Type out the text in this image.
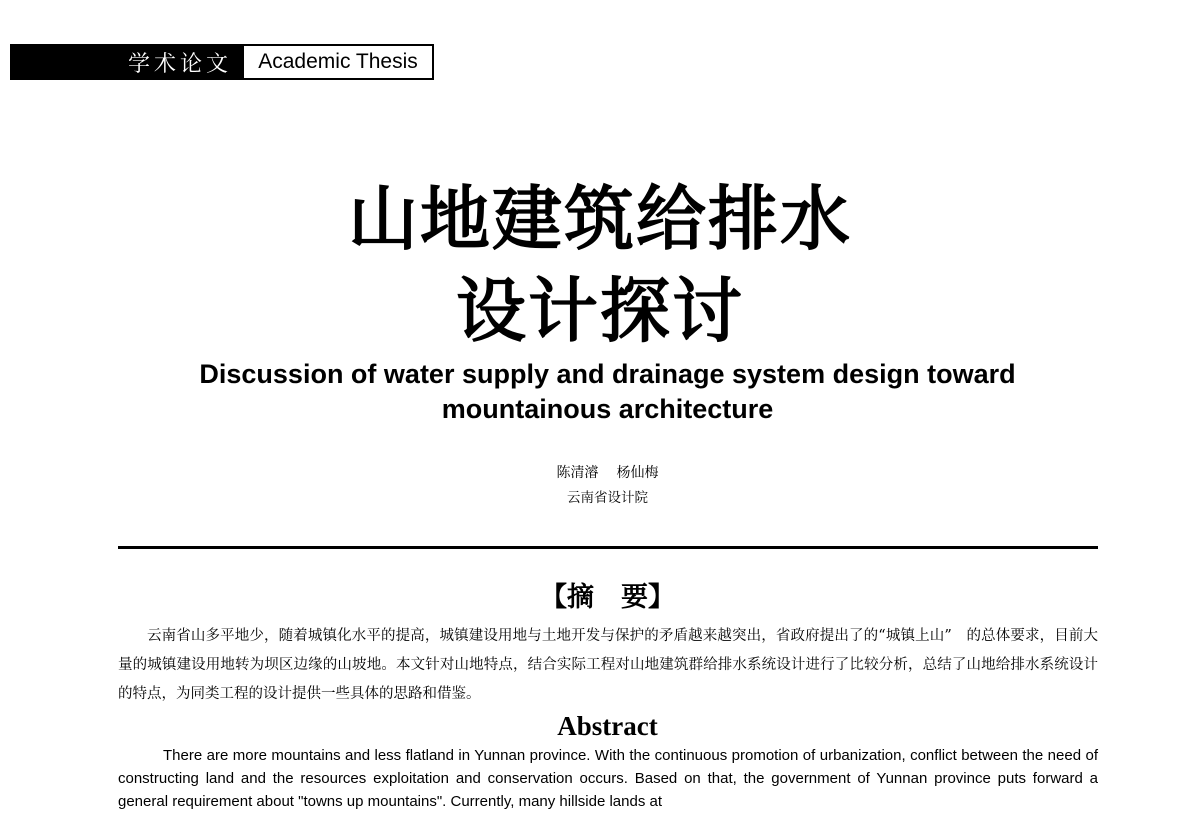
学术论文	Academic Thesis
山地建筑给排水
设计探讨
Discussion of water supply and drainage system design toward
mountainous architecture
陈清濬 杨仙梅
云南省设计院
【摘　要】
云南省山多平地少，随着城镇化水平的提高，城镇建设用地与土地开发与保护的矛盾越来越突出，省政府提出了的“城镇上山”　的总体要求，目前大量的城镇建设用地转为坝区边缘的山坡地。本文针对山地特点，结合实际工程对山地建筑群给排水系统设计进行了比较分析，总结了山地给排水系统设计的特点，为同类工程的设计提供一些具体的思路和借鉴。
Abstract
There are more mountains and less flatland in Yunnan province. With the continuous promotion of urbanization, conflict between the need of constructing land and the resources exploitation and conservation occurs. Based on that, the government of Yunnan province puts forward a general requirement about "towns up mountains". Currently, many hillside lands at
